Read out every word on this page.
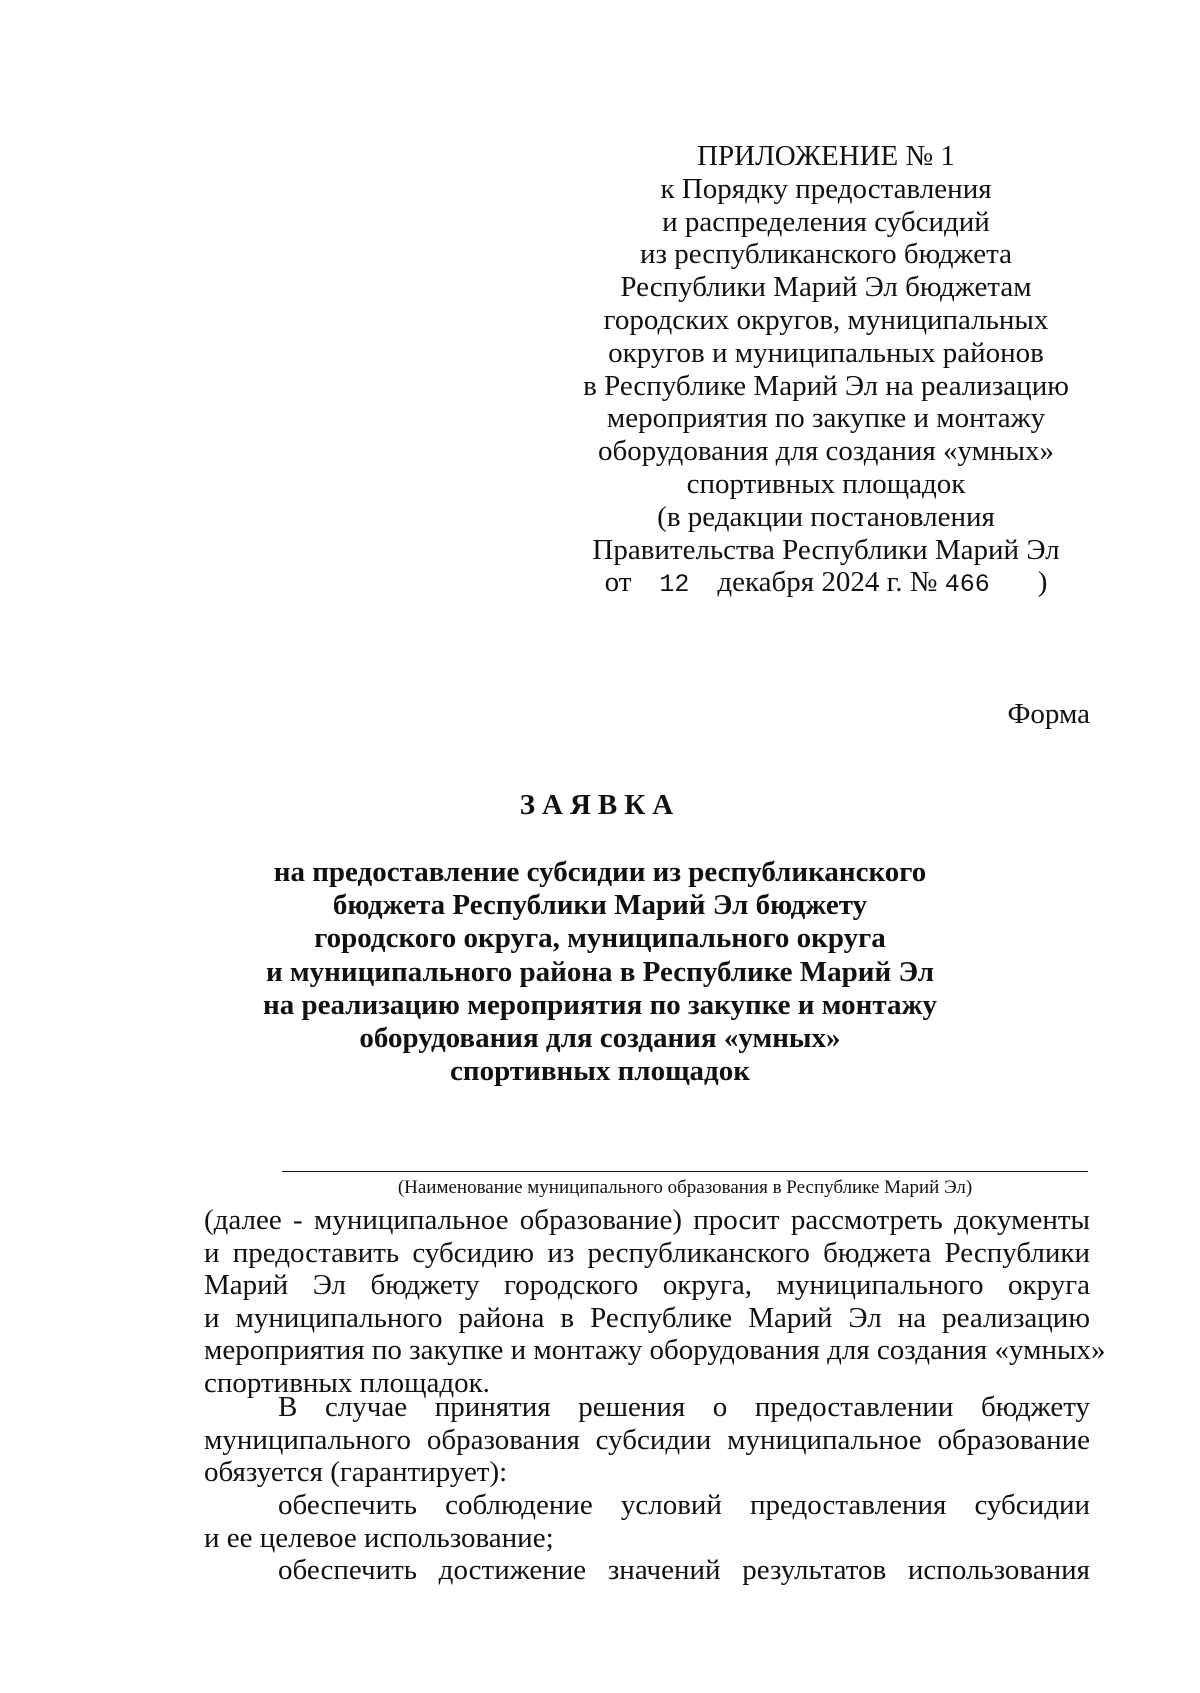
ПРИЛОЖЕНИЕ № 1
к Порядку предоставления
и распределения субсидий
из республиканского бюджета
Республики Марий Эл бюджетам
городских округов, муниципальных
округов и муниципальных районов
в Республике Марий Эл на реализацию
мероприятия по закупке и монтажу
оборудования для создания «умных»
спортивных площадок
(в редакции постановления
Правительства Республики Марий Эл
от 12 декабря 2024 г. № 466 )
Форма
ЗАЯВКА
на предоставление субсидии из республиканского
бюджета Республики Марий Эл бюджету
городского округа, муниципального округа
и муниципального района в Республике Марий Эл
на реализацию мероприятия по закупке и монтажу
оборудования для создания «умных»
спортивных площадок
(Наименование муниципального образования в Республике Марий Эл)
(далее - муниципальное образование) просит рассмотреть документы
и предоставить субсидию из республиканского бюджета Республики
Марий Эл бюджету городского округа, муниципального округа
и муниципального района в Республике Марий Эл на реализацию
мероприятия по закупке и монтажу оборудования для создания «умных»
спортивных площадок.
В случае принятия решения о предоставлении бюджету
муниципального образования субсидии муниципальное образование
обязуется (гарантирует):
обеспечить соблюдение условий предоставления субсидии
и ее целевое использование;
обеспечить достижение значений результатов использования
